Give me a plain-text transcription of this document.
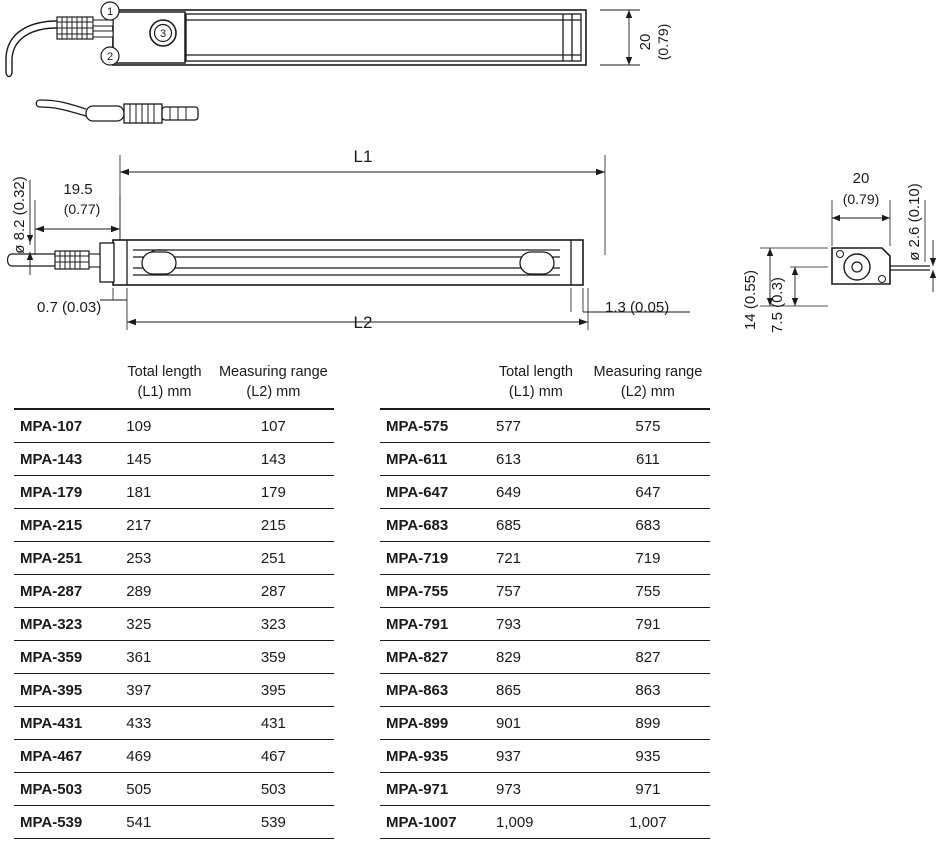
1
2
3	20 (0.79)
L1
L2
ø 8.2 (0.32) 19.5
(0.77)
0.7 (0.03)	1.3 (0.05)
20
(0.79) ø 2.6 (0.10)
14 (0.55) 7.5 (0.3)
	Total length	Measuring range
	(L1) mm	(L2) mm
MPA-107	109	107
MPA-143	145	143
MPA-179	181	179
MPA-215	217	215
MPA-251	253	251
MPA-287	289	287
MPA-323	325	323
MPA-359	361	359
MPA-395	397	395
MPA-431	433	431
MPA-467	469	467
MPA-503	505	503
MPA-539	541	539
	Total length	Measuring range
	(L1) mm	(L2) mm
MPA-575	577	575
MPA-611	613	611
MPA-647	649	647
MPA-683	685	683
MPA-719	721	719
MPA-755	757	755
MPA-791	793	791
MPA-827	829	827
MPA-863	865	863
MPA-899	901	899
MPA-935	937	935
MPA-971	973	971
MPA-1007	1,009	1,007
